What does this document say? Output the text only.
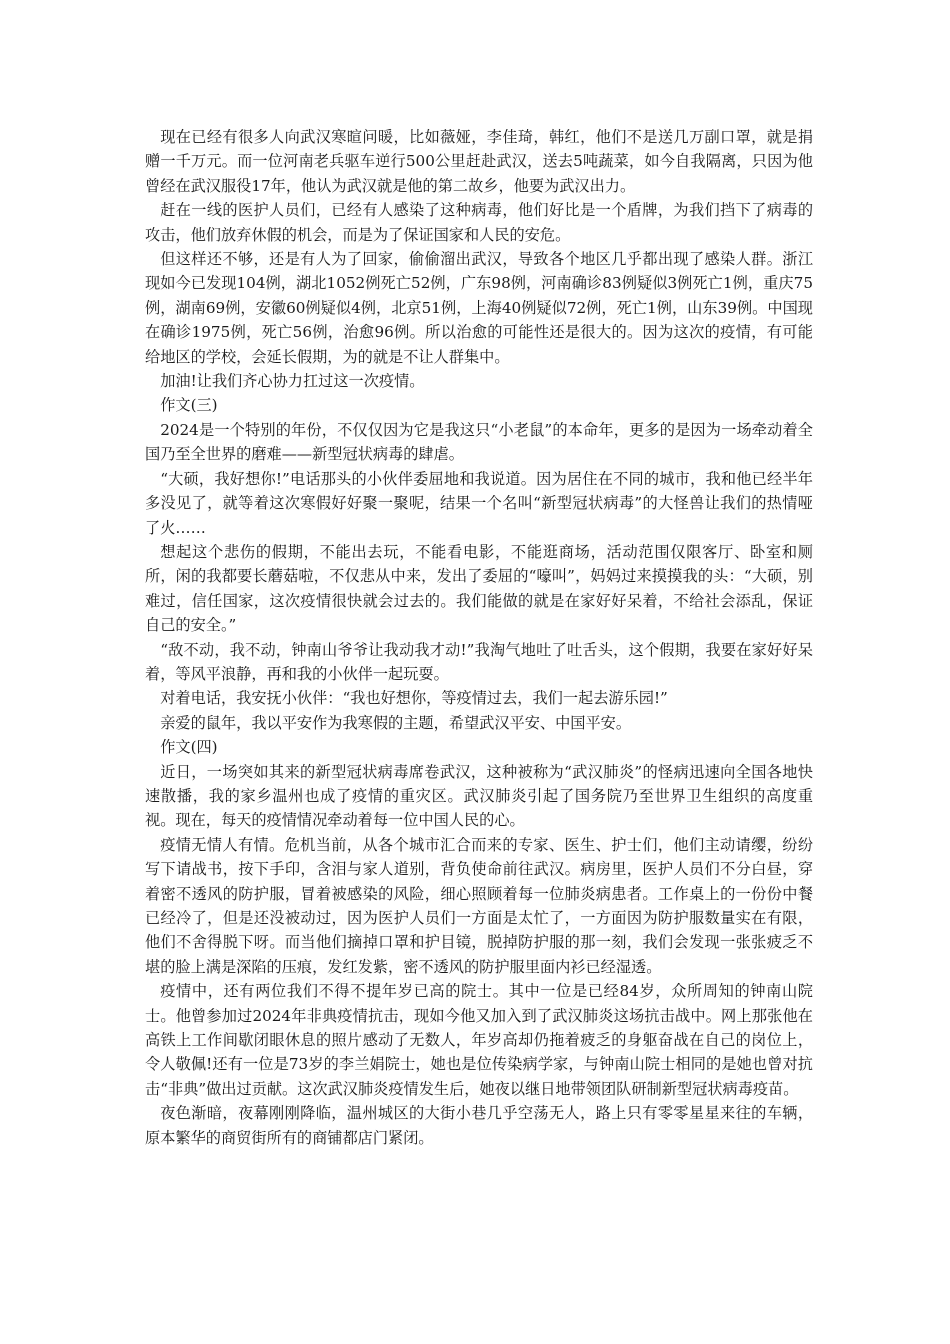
现在已经有很多人向武汉寒暄问暖，比如薇娅，李佳琦，韩红，他们不是送几万副口罩，就是捐赠一千万元。而一位河南老兵驱车逆行500公里赶赴武汉，送去5吨蔬菜，如今自我隔离，只因为他曾经在武汉服役17年，他认为武汉就是他的第二故乡，他要为武汉出力。

赶在一线的医护人员们，已经有人感染了这种病毒，他们好比是一个盾牌，为我们挡下了病毒的攻击，他们放弃休假的机会，而是为了保证国家和人民的安危。

但这样还不够，还是有人为了回家，偷偷溜出武汉，导致各个地区几乎都出现了感染人群。浙江现如今已发现104例，湖北1052例死亡52例，广东98例，河南确诊83例疑似3例死亡1例，重庆75例，湖南69例，安徽60例疑似4例，北京51例，上海40例疑似72例，死亡1例，山东39例。中国现在确诊1975例，死亡56例，治愈96例。所以治愈的可能性还是很大的。因为这次的疫情，有可能给地区的学校，会延长假期，为的就是不让人群集中。

加油!让我们齐心协力扛过这一次疫情。

作文(三)

2024是一个特别的年份，不仅仅因为它是我这只“小老鼠”的本命年，更多的是因为一场牵动着全国乃至全世界的磨难——新型冠状病毒的肆虐。

“大硕，我好想你!”电话那头的小伙伴委屈地和我说道。因为居住在不同的城市，我和他已经半年多没见了，就等着这次寒假好好聚一聚呢，结果一个名叫“新型冠状病毒”的大怪兽让我们的热情哑了火……

想起这个悲伤的假期，不能出去玩，不能看电影，不能逛商场，活动范围仅限客厅、卧室和厕所，闲的我都要长蘑菇啦，不仅悲从中来，发出了委屈的“嚎叫”，妈妈过来摸摸我的头：“大硕，别难过，信任国家，这次疫情很快就会过去的。我们能做的就是在家好好呆着，不给社会添乱，保证自己的安全。”

“敌不动，我不动，钟南山爷爷让我动我才动!”我淘气地吐了吐舌头，这个假期，我要在家好好呆着，等风平浪静，再和我的小伙伴一起玩耍。

对着电话，我安抚小伙伴：“我也好想你，等疫情过去，我们一起去游乐园!”

亲爱的鼠年，我以平安作为我寒假的主题，希望武汉平安、中国平安。

作文(四)

近日，一场突如其来的新型冠状病毒席卷武汉，这种被称为“武汉肺炎”的怪病迅速向全国各地快速散播，我的家乡温州也成了疫情的重灾区。武汉肺炎引起了国务院乃至世界卫生组织的高度重视。现在，每天的疫情情况牵动着每一位中国人民的心。

疫情无情人有情。危机当前，从各个城市汇合而来的专家、医生、护士们，他们主动请缨，纷纷写下请战书，按下手印，含泪与家人道别，背负使命前往武汉。病房里，医护人员们不分白昼，穿着密不透风的防护服，冒着被感染的风险，细心照顾着每一位肺炎病患者。工作桌上的一份份中餐已经冷了，但是还没被动过，因为医护人员们一方面是太忙了，一方面因为防护服数量实在有限，他们不舍得脱下呀。而当他们摘掉口罩和护目镜，脱掉防护服的那一刻，我们会发现一张张疲乏不堪的脸上满是深陷的压痕，发红发紫，密不透风的防护服里面内衫已经湿透。

疫情中，还有两位我们不得不提年岁已高的院士。其中一位是已经84岁，众所周知的钟南山院士。他曾参加过2024年非典疫情抗击，现如今他又加入到了武汉肺炎这场抗击战中。网上那张他在高铁上工作间歇闭眼休息的照片感动了无数人，年岁高却仍拖着疲乏的身躯奋战在自己的岗位上，令人敬佩!还有一位是73岁的李兰娟院士，她也是位传染病学家，与钟南山院士相同的是她也曾对抗击“非典”做出过贡献。这次武汉肺炎疫情发生后，她夜以继日地带领团队研制新型冠状病毒疫苗。

夜色渐暗，夜幕刚刚降临，温州城区的大街小巷几乎空荡无人，路上只有零零星星来往的车辆，原本繁华的商贸街所有的商铺都店门紧闭。
